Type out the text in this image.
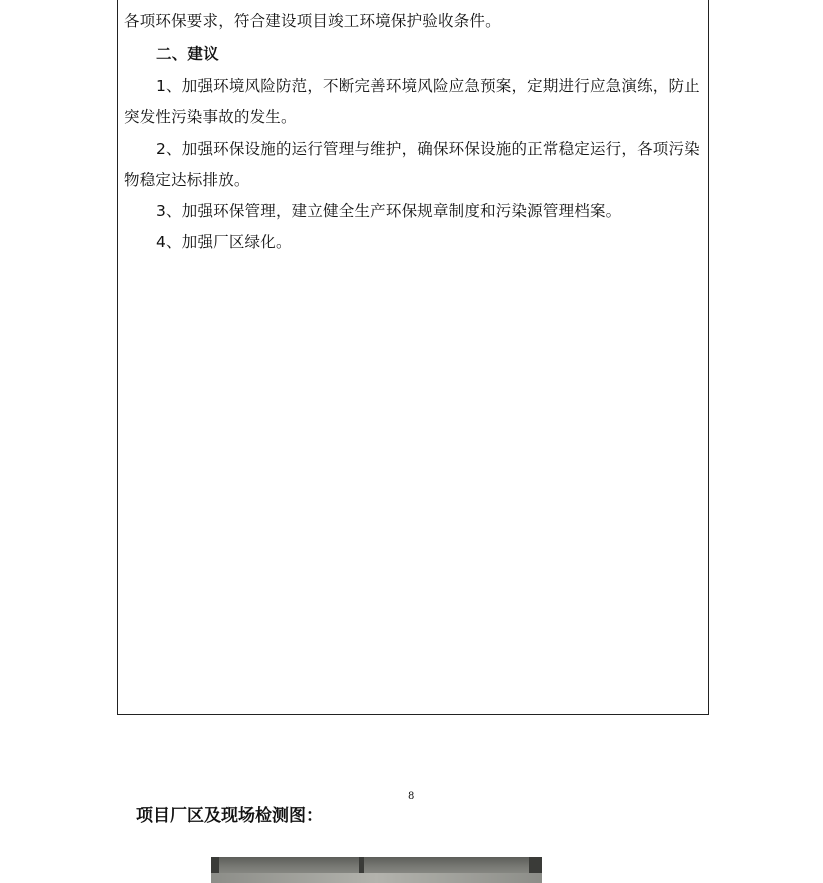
各项环保要求，符合建设项目竣工环境保护验收条件。
二、建议
1、加强环境风险防范，不断完善环境风险应急预案，定期进行应急演练，防止
突发性污染事故的发生。
2、加强环保设施的运行管理与维护，确保环保设施的正常稳定运行，各项污染
物稳定达标排放。
3、加强环保管理，建立健全生产环保规章制度和污染源管理档案。
4、加强厂区绿化。
8
项目厂区及现场检测图：
